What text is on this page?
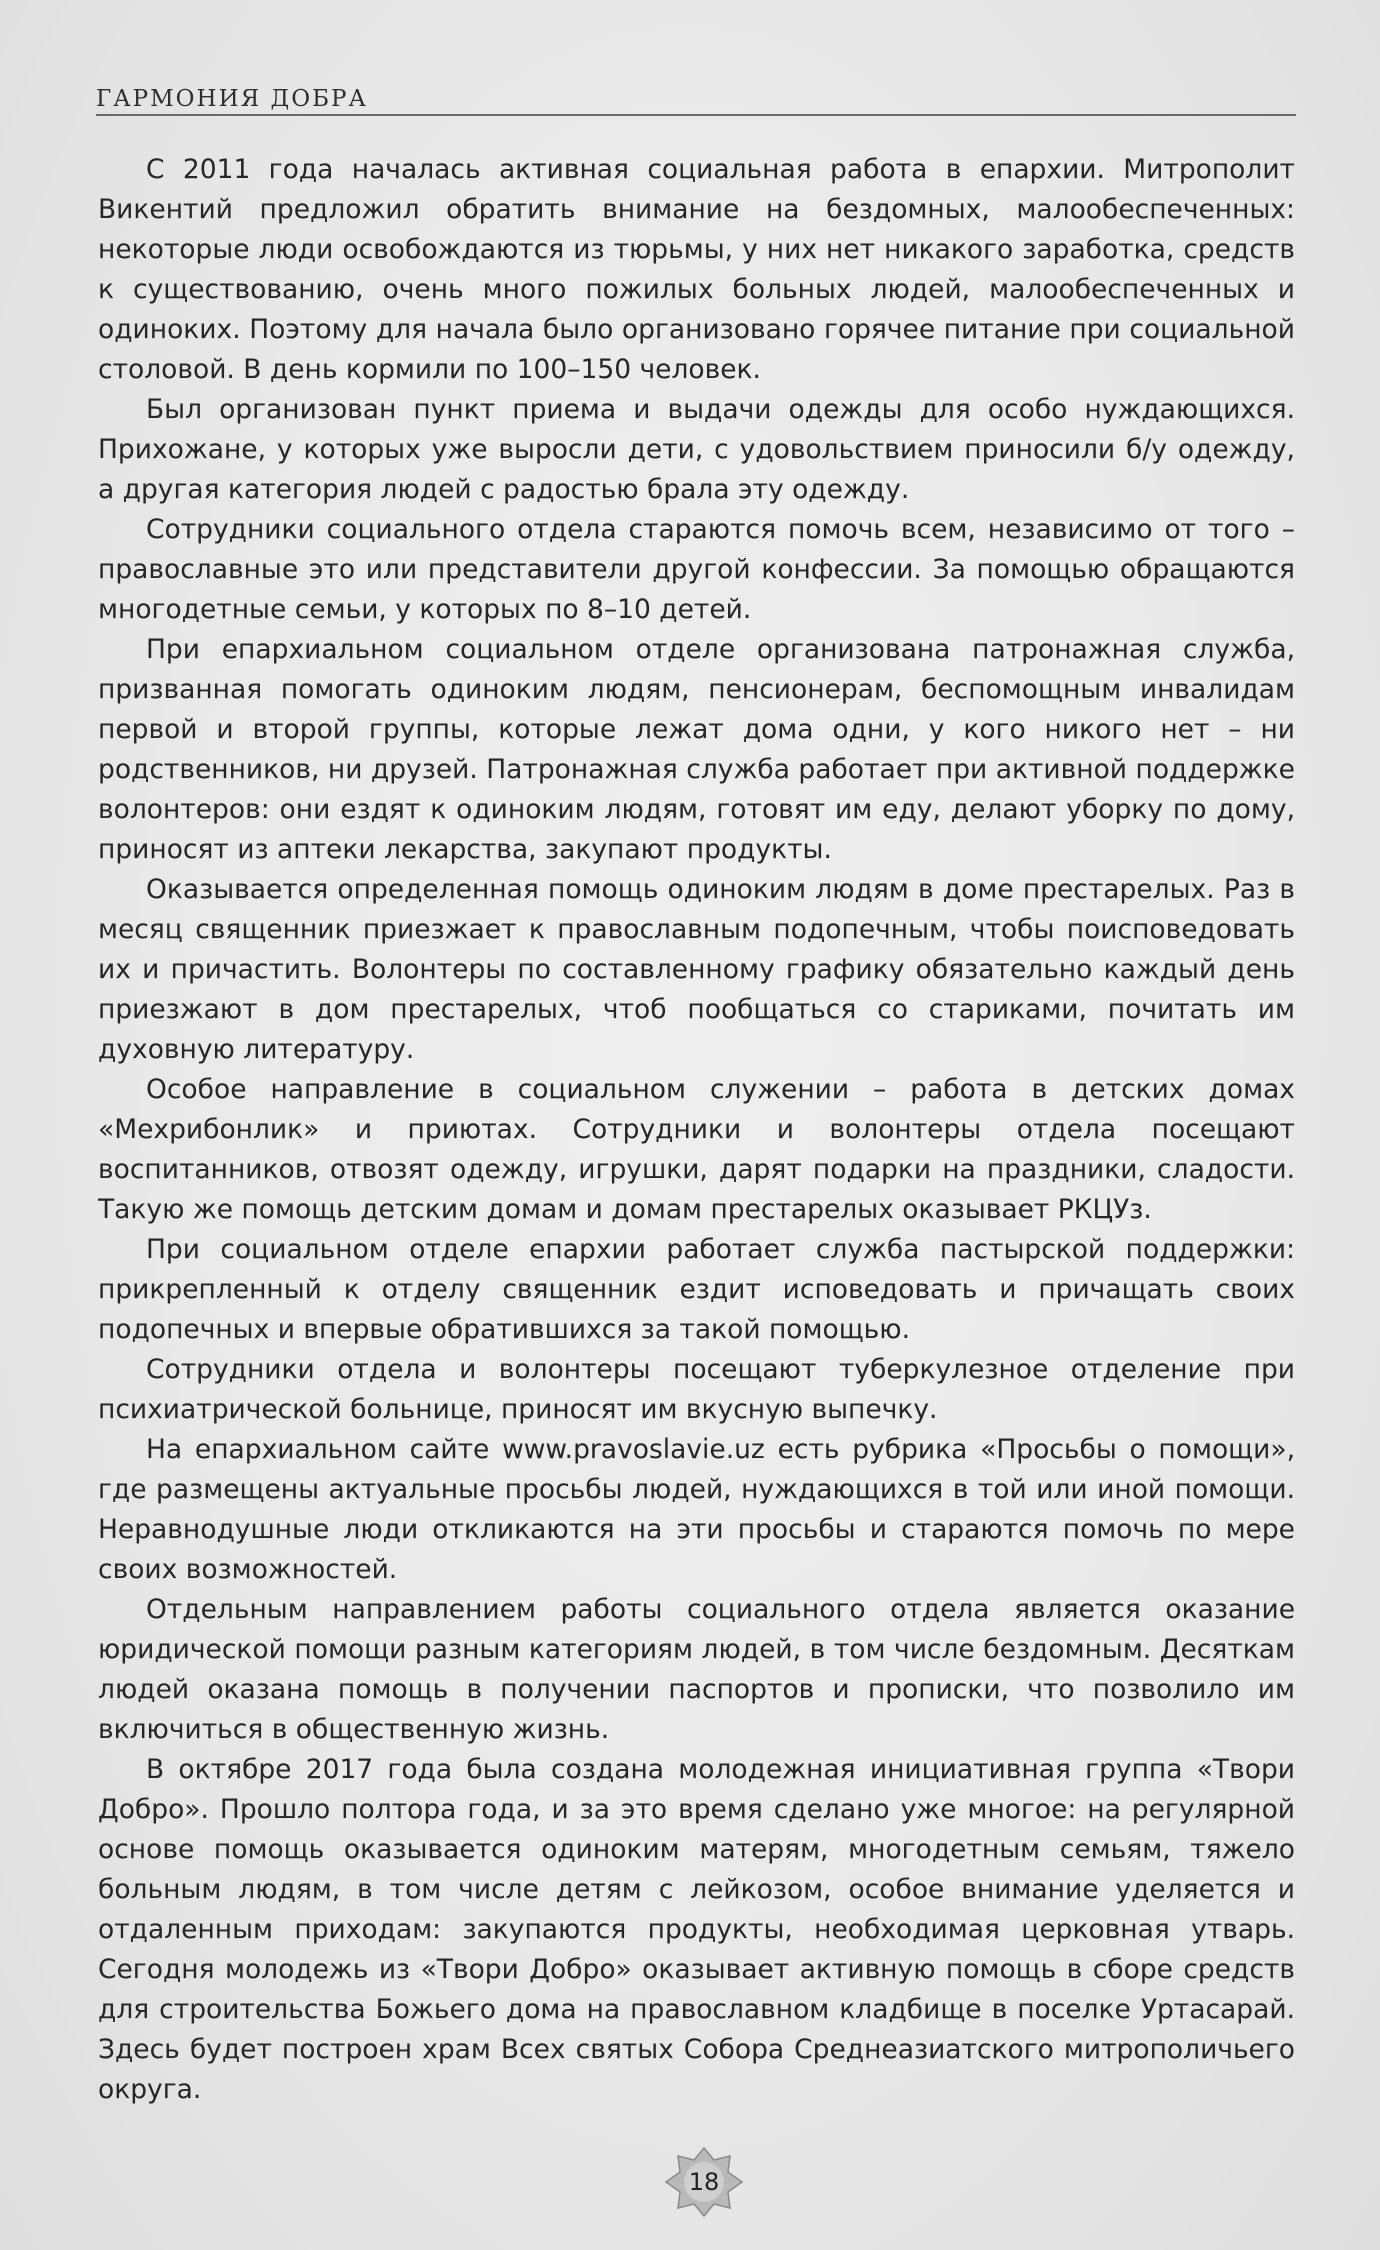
ГАРМОНИЯ ДОБРА

С 2011 года началась активная социальная работа в епархии. Митрополит Викентий предложил обратить внимание на бездомных, малообеспеченных: некоторые люди освобождаются из тюрьмы, у них нет никакого заработка, средств к существованию, очень много пожилых больных людей, малообеспеченных и одиноких. Поэтому для начала было организовано горячее питание при социальной столовой. В день кормили по 100–150 человек.

Был организован пункт приема и выдачи одежды для особо нуждающихся. Прихожане, у которых уже выросли дети, с удовольствием приносили б/у одежду, а другая категория людей с радостью брала эту одежду.

Сотрудники социального отдела стараются помочь всем, независимо от того – православные это или представители другой конфессии. За помощью обращаются многодетные семьи, у которых по 8–10 детей.

При епархиальном социальном отделе организована патронажная служба, призванная помогать одиноким людям, пенсионерам, беспомощным инвалидам первой и второй группы, которые лежат дома одни, у кого никого нет – ни родственников, ни друзей. Патронажная служба работает при активной поддержке волонтеров: они ездят к одиноким людям, готовят им еду, делают уборку по дому, приносят из аптеки лекарства, закупают продукты.

Оказывается определенная помощь одиноким людям в доме престарелых. Раз в месяц священник приезжает к православным подопечным, чтобы поисповедовать их и причастить. Волонтеры по составленному графику обязательно каждый день приезжают в дом престарелых, чтоб пообщаться со стариками, почитать им духовную литературу.

Особое направление в социальном служении – работа в детских домах «Мехрибонлик» и приютах. Сотрудники и волонтеры отдела посещают воспитанников, отвозят одежду, игрушки, дарят подарки на праздники, сладости. Такую же помощь детским домам и домам престарелых оказывает РКЦУз.

При социальном отделе епархии работает служба пастырской поддержки: прикрепленный к отделу священник ездит исповедовать и причащать своих подопечных и впервые обратившихся за такой помощью.

Сотрудники отдела и волонтеры посещают туберкулезное отделение при психиатрической больнице, приносят им вкусную выпечку.

На епархиальном сайте www.pravoslavie.uz есть рубрика «Просьбы о помощи», где размещены актуальные просьбы людей, нуждающихся в той или иной помощи. Неравнодушные люди откликаются на эти просьбы и стараются помочь по мере своих возможностей.

Отдельным направлением работы социального отдела является оказание юридической помощи разным категориям людей, в том числе бездомным. Десяткам людей оказана помощь в получении паспортов и прописки, что позволило им включиться в общественную жизнь.

В октябре 2017 года была создана молодежная инициативная группа «Твори Добро». Прошло полтора года, и за это время сделано уже многое: на регулярной основе помощь оказывается одиноким матерям, многодетным семьям, тяжело больным людям, в том числе детям с лейкозом, особое внимание уделяется и отдаленным приходам: закупаются продукты, необходимая церковная утварь. Сегодня молодежь из «Твори Добро» оказывает активную помощь в сборе средств для строительства Божьего дома на православном кладбище в поселке Уртасарай. Здесь будет построен храм Всех святых Собора Среднеазиатского митрополичьего округа.

18
